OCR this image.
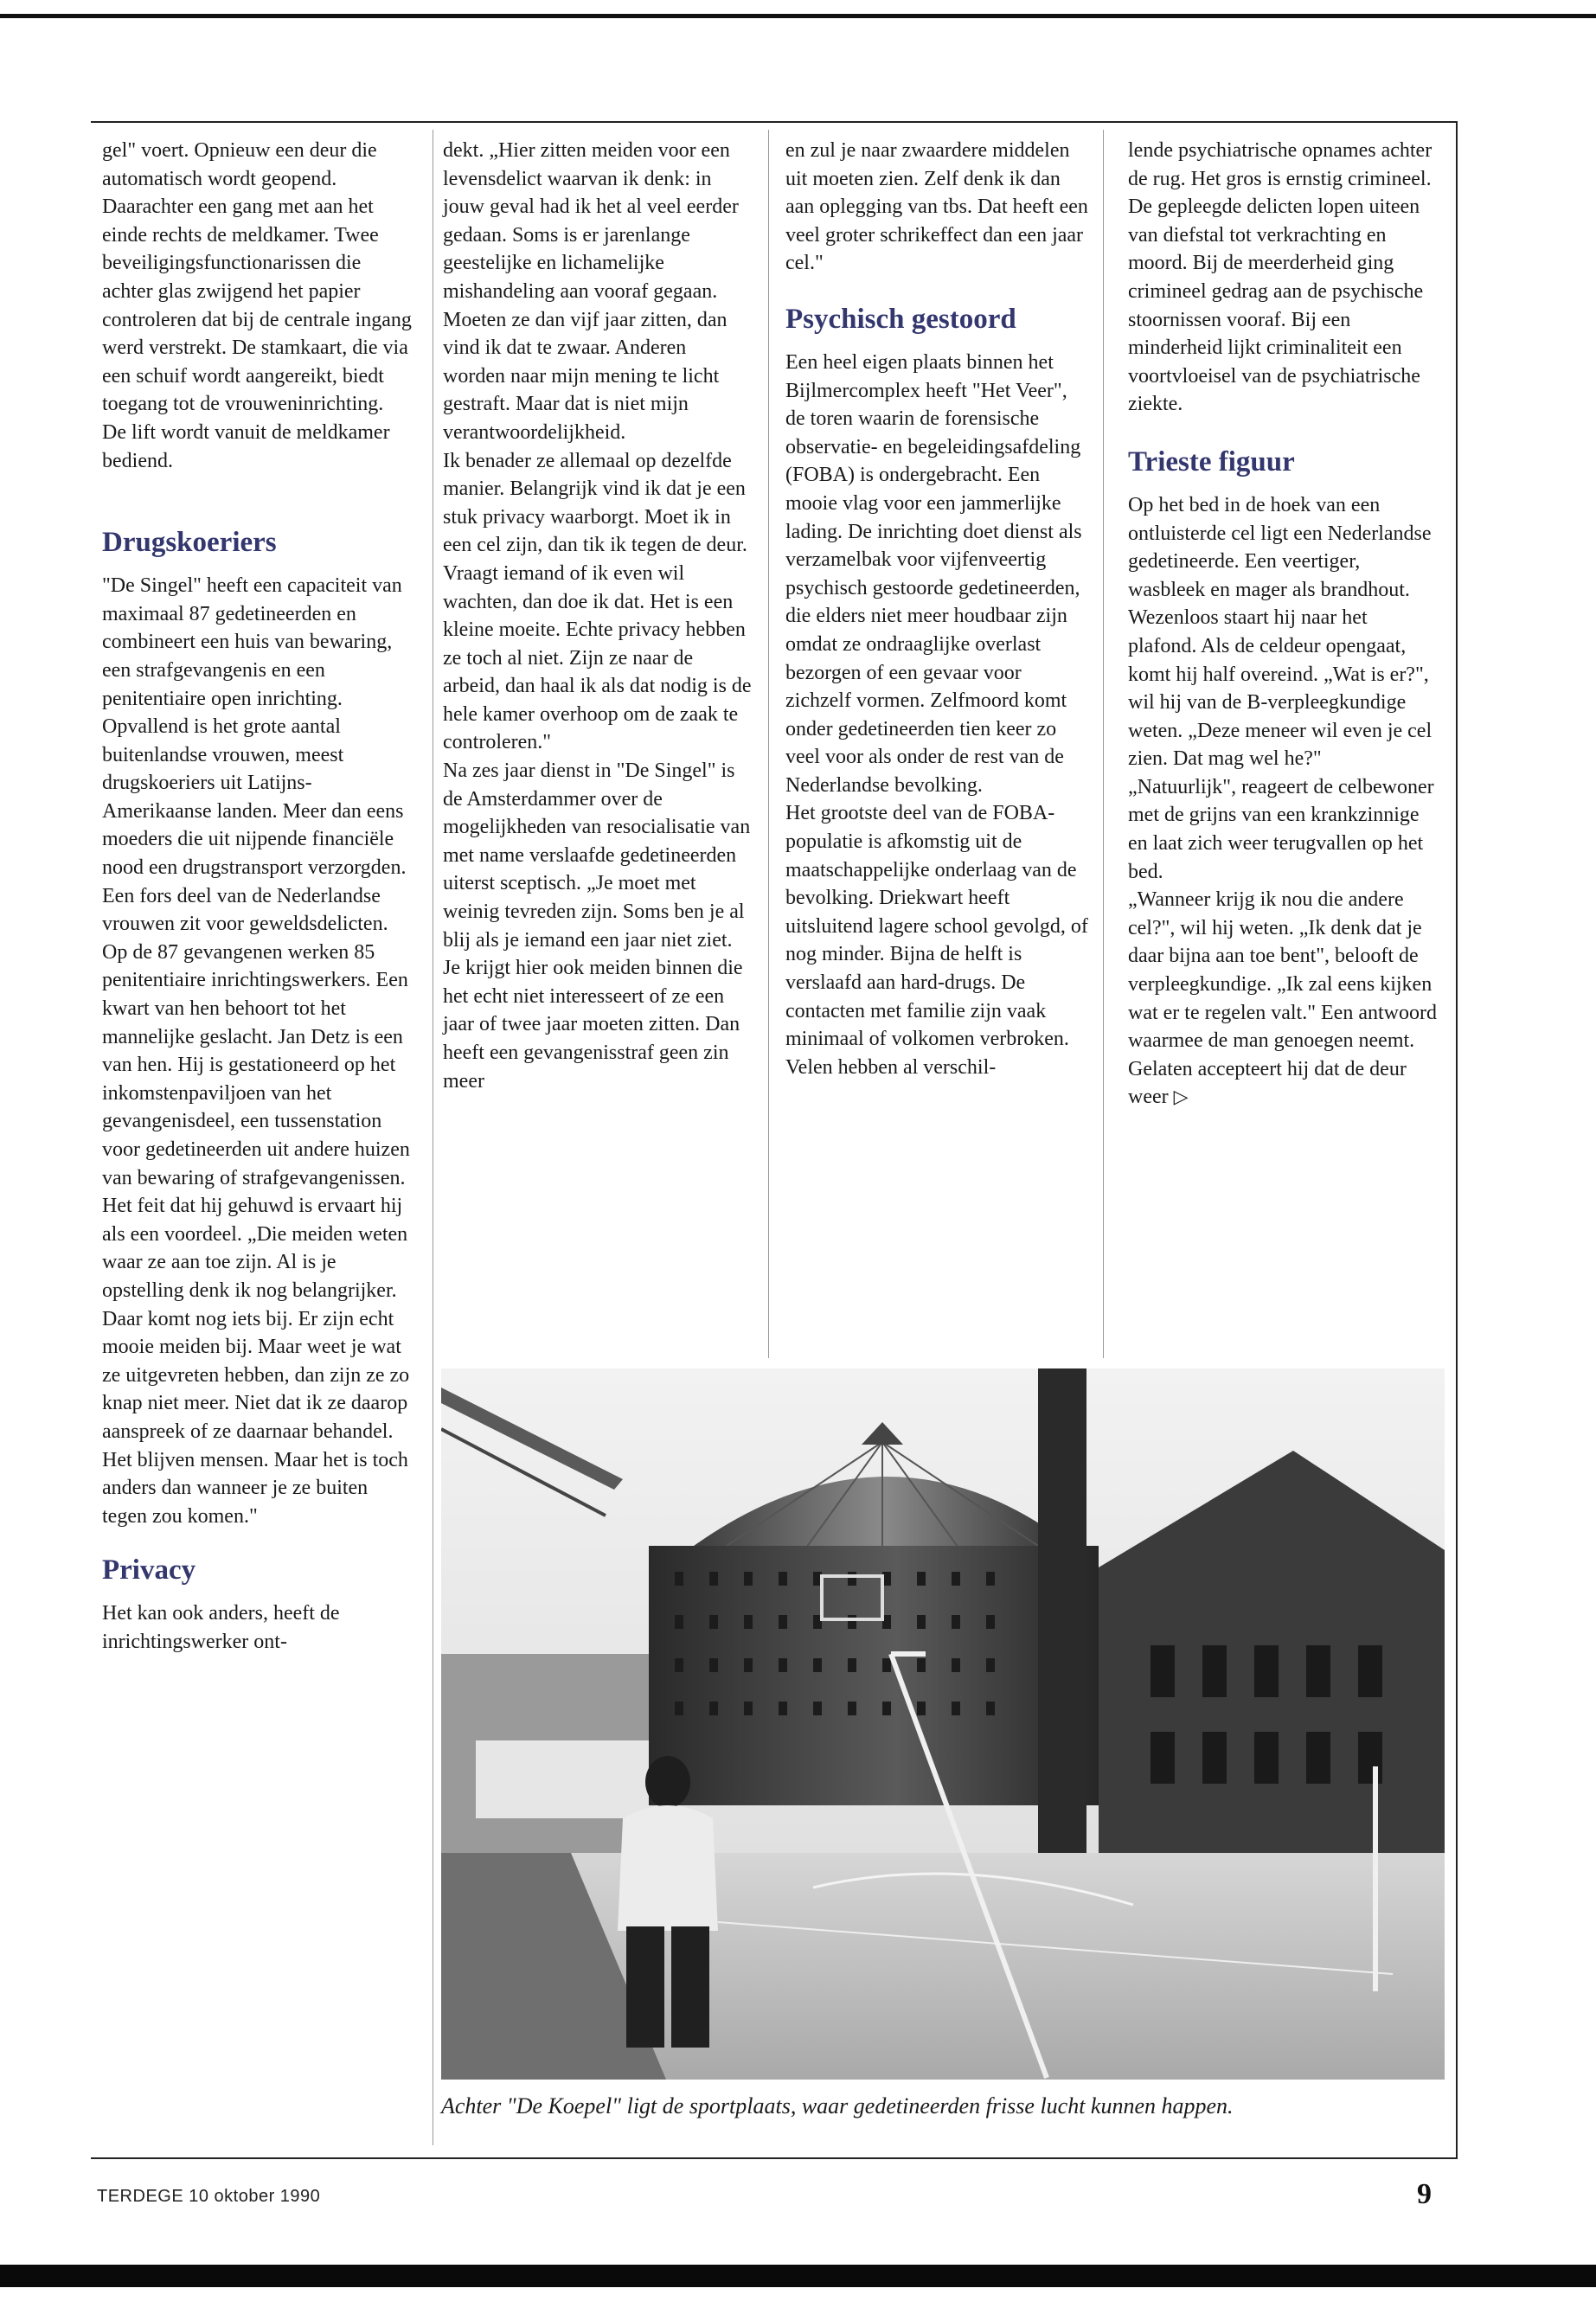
gel" voert. Opnieuw een deur die automatisch wordt geopend. Daarachter een gang met aan het einde rechts de meldkamer. Twee beveiligingsfunctionarissen die achter glas zwijgend het papier controleren dat bij de centrale ingang werd verstrekt. De stamkaart, die via een schuif wordt aangereikt, biedt toegang tot de vrouweninrichting. De lift wordt vanuit de meldkamer bediend.

Drugskoeriers

"De Singel" heeft een capaciteit van maximaal 87 gedetineerden en combineert een huis van bewaring, een strafgevangenis en een penitentiaire open inrichting. Opvallend is het grote aantal buitenlandse vrouwen, meest drugskoeriers uit Latijns-Amerikaanse landen. Meer dan eens moeders die uit nijpende financiële nood een drugstransport verzorgden. Een fors deel van de Nederlandse vrouwen zit voor geweldsdelicten.

Op de 87 gevangenen werken 85 penitentiaire inrichtingswerkers. Een kwart van hen behoort tot het mannelijke geslacht. Jan Detz is een van hen. Hij is gestationeerd op het inkomstenpaviljoen van het gevangenisdeel, een tussenstation voor gedetineerden uit andere huizen van bewaring of strafgevangenissen.

Het feit dat hij gehuwd is ervaart hij als een voordeel. „Die meiden weten waar ze aan toe zijn. Al is je opstelling denk ik nog belangrijker. Daar komt nog iets bij. Er zijn echt mooie meiden bij. Maar weet je wat ze uitgevreten hebben, dan zijn ze zo knap niet meer. Niet dat ik ze daarop aanspreek of ze daarnaar behandel. Het blijven mensen. Maar het is toch anders dan wanneer je ze buiten tegen zou komen."

Privacy

Het kan ook anders, heeft de inrichtingswerker ont-

dekt. „Hier zitten meiden voor een levensdelict waarvan ik denk: in jouw geval had ik het al veel eerder gedaan. Soms is er jarenlange geestelijke en lichamelijke mishandeling aan vooraf gegaan. Moeten ze dan vijf jaar zitten, dan vind ik dat te zwaar. Anderen worden naar mijn mening te licht gestraft. Maar dat is niet mijn verantwoordelijkheid.

Ik benader ze allemaal op dezelfde manier. Belangrijk vind ik dat je een stuk privacy waarborgt. Moet ik in een cel zijn, dan tik ik tegen de deur. Vraagt iemand of ik even wil wachten, dan doe ik dat. Het is een kleine moeite. Echte privacy hebben ze toch al niet. Zijn ze naar de arbeid, dan haal ik als dat nodig is de hele kamer overhoop om de zaak te controleren."

Na zes jaar dienst in "De Singel" is de Amsterdammer over de mogelijkheden van resocialisatie van met name verslaafde gedetineerden uiterst sceptisch. „Je moet met weinig tevreden zijn. Soms ben je al blij als je iemand een jaar niet ziet. Je krijgt hier ook meiden binnen die het echt niet interesseert of ze een jaar of twee jaar moeten zitten. Dan heeft een gevangenisstraf geen zin meer

en zul je naar zwaardere middelen uit moeten zien. Zelf denk ik dan aan oplegging van tbs. Dat heeft een veel groter schrikeffect dan een jaar cel."

Psychisch gestoord

Een heel eigen plaats binnen het Bijlmercomplex heeft "Het Veer", de toren waarin de forensische observatie- en begeleidingsafdeling (FOBA) is ondergebracht. Een mooie vlag voor een jammerlijke lading. De inrichting doet dienst als verzamelbak voor vijfenveertig psychisch gestoorde gedetineerden, die elders niet meer houdbaar zijn omdat ze ondraaglijke overlast bezorgen of een gevaar voor zichzelf vormen. Zelfmoord komt onder gedetineerden tien keer zo veel voor als onder de rest van de Nederlandse bevolking.

Het grootste deel van de FOBA-populatie is afkomstig uit de maatschappelijke onderlaag van de bevolking. Driekwart heeft uitsluitend lagere school gevolgd, of nog minder. Bijna de helft is verslaafd aan hard-drugs. De contacten met familie zijn vaak minimaal of volkomen verbroken.

Velen hebben al verschil-

lende psychiatrische opnames achter de rug. Het gros is ernstig crimineel. De gepleegde delicten lopen uiteen van diefstal tot verkrachting en moord. Bij de meerderheid ging crimineel gedrag aan de psychische stoornissen vooraf. Bij een minderheid lijkt criminaliteit een voortvloeisel van de psychiatrische ziekte.

Trieste figuur

Op het bed in de hoek van een ontluisterde cel ligt een Nederlandse gedetineerde. Een veertiger, wasbleek en mager als brandhout. Wezenloos staart hij naar het plafond. Als de celdeur opengaat, komt hij half overeind. „Wat is er?", wil hij van de B-verpleegkundige weten. „Deze meneer wil even je cel zien. Dat mag wel he?"

„Natuurlijk", reageert de celbewoner met de grijns van een krankzinnige en laat zich weer terugvallen op het bed.

„Wanneer krijg ik nou die andere cel?", wil hij weten. „Ik denk dat je daar bijna aan toe bent", belooft de verpleegkundige. „Ik zal eens kijken wat er te regelen valt." Een antwoord waarmee de man genoegen neemt. Gelaten accepteert hij dat de deur weer ▷

Achter "De Koepel" ligt de sportplaats, waar gedetineerden frisse lucht kunnen happen.
TERDEGE 10 oktober 1990	9
